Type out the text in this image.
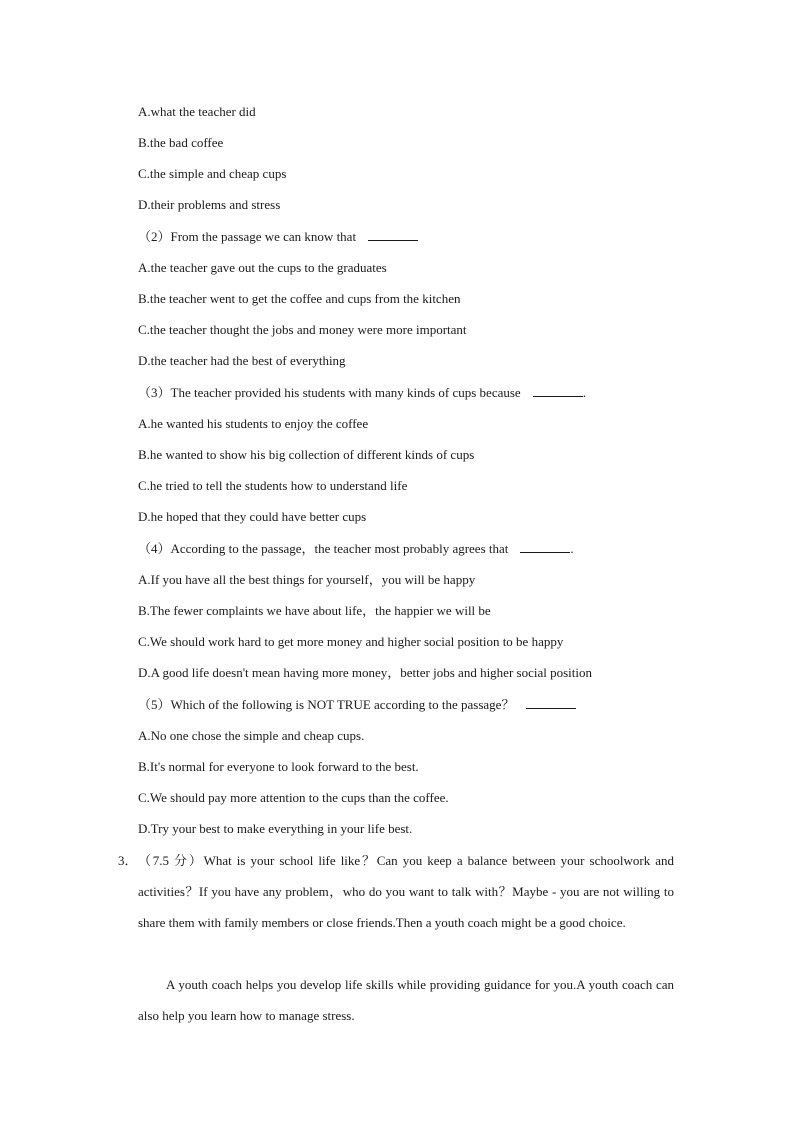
A.what the teacher did
B.the bad coffee
C.the simple and cheap cups
D.their problems and stress
（2）From the passage we can know that
A.the teacher gave out the cups to the graduates
B.the teacher went to get the coffee and cups from the kitchen
C.the teacher thought the jobs and money were more important
D.the teacher had the best of everything
（3）The teacher provided his students with many kinds of cups because	.
A.he wanted his students to enjoy the coffee
B.he wanted to show his big collection of different kinds of cups
C.he tried to tell the students how to understand life
D.he hoped that they could have better cups
（4）According to the passage，the teacher most probably agrees that	.
A.If you have all the best things for yourself，you will be happy
B.The fewer complaints we have about life，the happier we will be
C.We should work hard to get more money and higher social position to be happy
D.A good life doesn't mean having more money，better jobs and higher social position
（5）Which of the following is NOT TRUE according to the passage？
A.No one chose the simple and cheap cups.
B.It's normal for everyone to look forward to the best.
C.We should pay more attention to the cups than the coffee.
D.Try your best to make everything in your life best.
3． （7.5 分）What is your school life like？Can you keep a balance between your schoolwork and activities？If you have any problem，who do you want to talk with？Maybe - you are not willing to share them with family members or close friends.Then a youth coach might be a good choice.
A youth coach helps you develop life skills while providing guidance for you.A youth coach can also help you learn how to manage stress.
